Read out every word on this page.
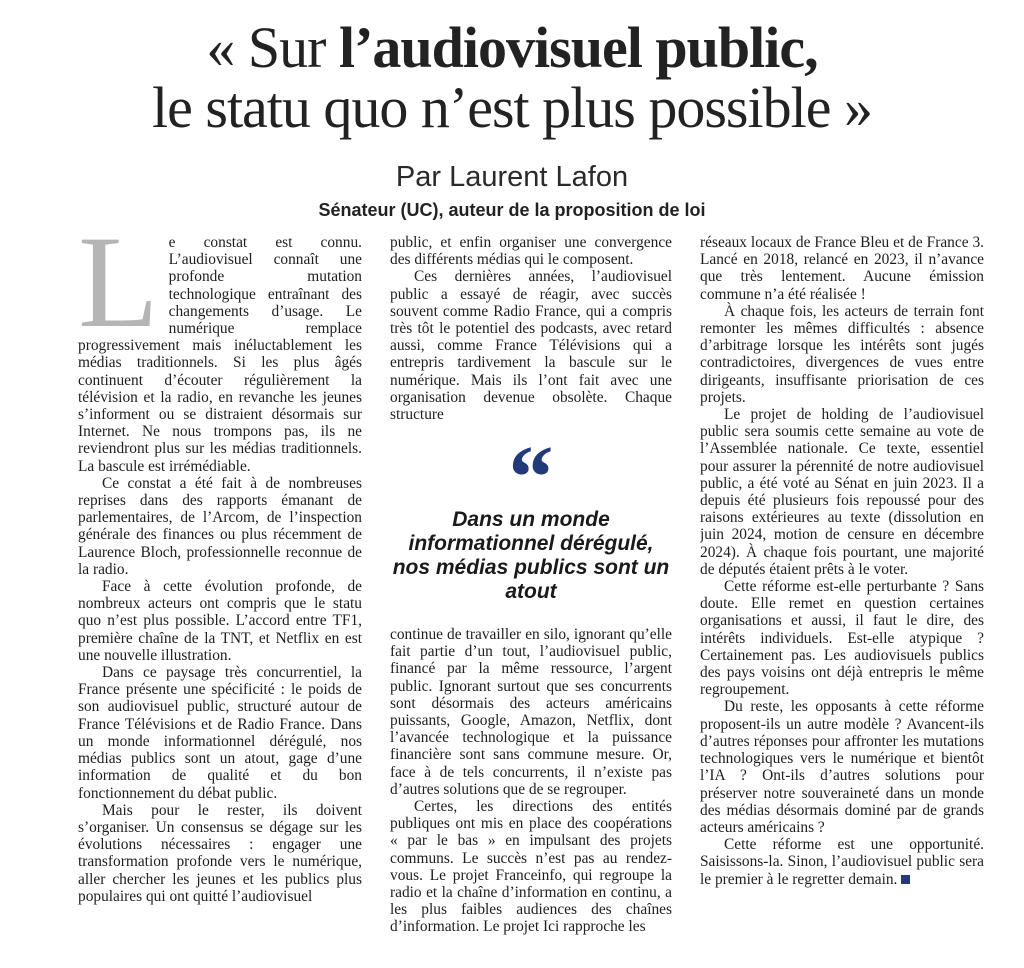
« Sur l’audiovisuel public,
le statu quo n’est plus possible »
Par Laurent Lafon
Sénateur (UC), auteur de la proposition de loi

Le constat est connu. L’audiovisuel connaît une profonde mutation technologique entraînant des changements d’usage. Le numérique remplace progressivement mais inéluctablement les médias traditionnels. Si les plus âgés continuent d’écouter régulièrement la télévision et la radio, en revanche les jeunes s’informent ou se distraient désormais sur Internet. Ne nous trompons pas, ils ne reviendront plus sur les médias traditionnels. La bascule est irrémédiable.

Ce constat a été fait à de nombreuses reprises dans des rapports émanant de parlementaires, de l’Arcom, de l’inspection générale des finances ou plus récemment de Laurence Bloch, professionnelle reconnue de la radio.

Face à cette évolution profonde, de nombreux acteurs ont compris que le statu quo n’est plus possible. L’accord entre TF1, première chaîne de la TNT, et Netflix en est une nouvelle illustration.

Dans ce paysage très concurrentiel, la France présente une spécificité : le poids de son audiovisuel public, structuré autour de France Télévisions et de Radio France. Dans un monde informationnel dérégulé, nos médias publics sont un atout, gage d’une information de qualité et du bon fonctionnement du débat public.

Mais pour le rester, ils doivent s’organiser. Un consensus se dégage sur les évolutions nécessaires : engager une transformation profonde vers le numérique, aller chercher les jeunes et les publics plus populaires qui ont quitté l’audiovisuel

public, et enfin organiser une convergence des différents médias qui le composent.

Ces dernières années, l’audiovisuel public a essayé de réagir, avec succès souvent comme Radio France, qui a compris très tôt le potentiel des podcasts, avec retard aussi, comme France Télévisions qui a entrepris tardivement la bascule sur le numérique. Mais ils l’ont fait avec une organisation devenue obsolète. Chaque structure

“
Dans un monde informationnel dérégulé, nos médias publics sont un atout

continue de travailler en silo, ignorant qu’elle fait partie d’un tout, l’audiovisuel public, financé par la même ressource, l’argent public. Ignorant surtout que ses concurrents sont désormais des acteurs américains puissants, Google, Amazon, Netflix, dont l’avancée technologique et la puissance financière sont sans commune mesure. Or, face à de tels concurrents, il n’existe pas d’autres solutions que de se regrouper.

Certes, les directions des entités publiques ont mis en place des coopérations « par le bas » en impulsant des projets communs. Le succès n’est pas au rendez-vous. Le projet Franceinfo, qui regroupe la radio et la chaîne d’information en continu, a les plus faibles audiences des chaînes d’information. Le projet Ici rapproche les

réseaux locaux de France Bleu et de France 3. Lancé en 2018, relancé en 2023, il n’avance que très lentement. Aucune émission commune n’a été réalisée !

À chaque fois, les acteurs de terrain font remonter les mêmes difficultés : absence d’arbitrage lorsque les intérêts sont jugés contradictoires, divergences de vues entre dirigeants, insuffisante priorisation de ces projets.

Le projet de holding de l’audiovisuel public sera soumis cette semaine au vote de l’Assemblée nationale. Ce texte, essentiel pour assurer la pérennité de notre audiovisuel public, a été voté au Sénat en juin 2023. Il a depuis été plusieurs fois repoussé pour des raisons extérieures au texte (dissolution en juin 2024, motion de censure en décembre 2024). À chaque fois pourtant, une majorité de députés étaient prêts à le voter.

Cette réforme est-elle perturbante ? Sans doute. Elle remet en question certaines organisations et aussi, il faut le dire, des intérêts individuels. Est-elle atypique ? Certainement pas. Les audiovisuels publics des pays voisins ont déjà entrepris le même regroupement.

Du reste, les opposants à cette réforme proposent-ils un autre modèle ? Avancent-ils d’autres réponses pour affronter les mutations technologiques vers le numérique et bientôt l’IA ? Ont-ils d’autres solutions pour préserver notre souveraineté dans un monde des médias désormais dominé par de grands acteurs américains ?

Cette réforme est une opportunité. Saisissons-la. Sinon, l’audiovisuel public sera le premier à le regretter demain.
